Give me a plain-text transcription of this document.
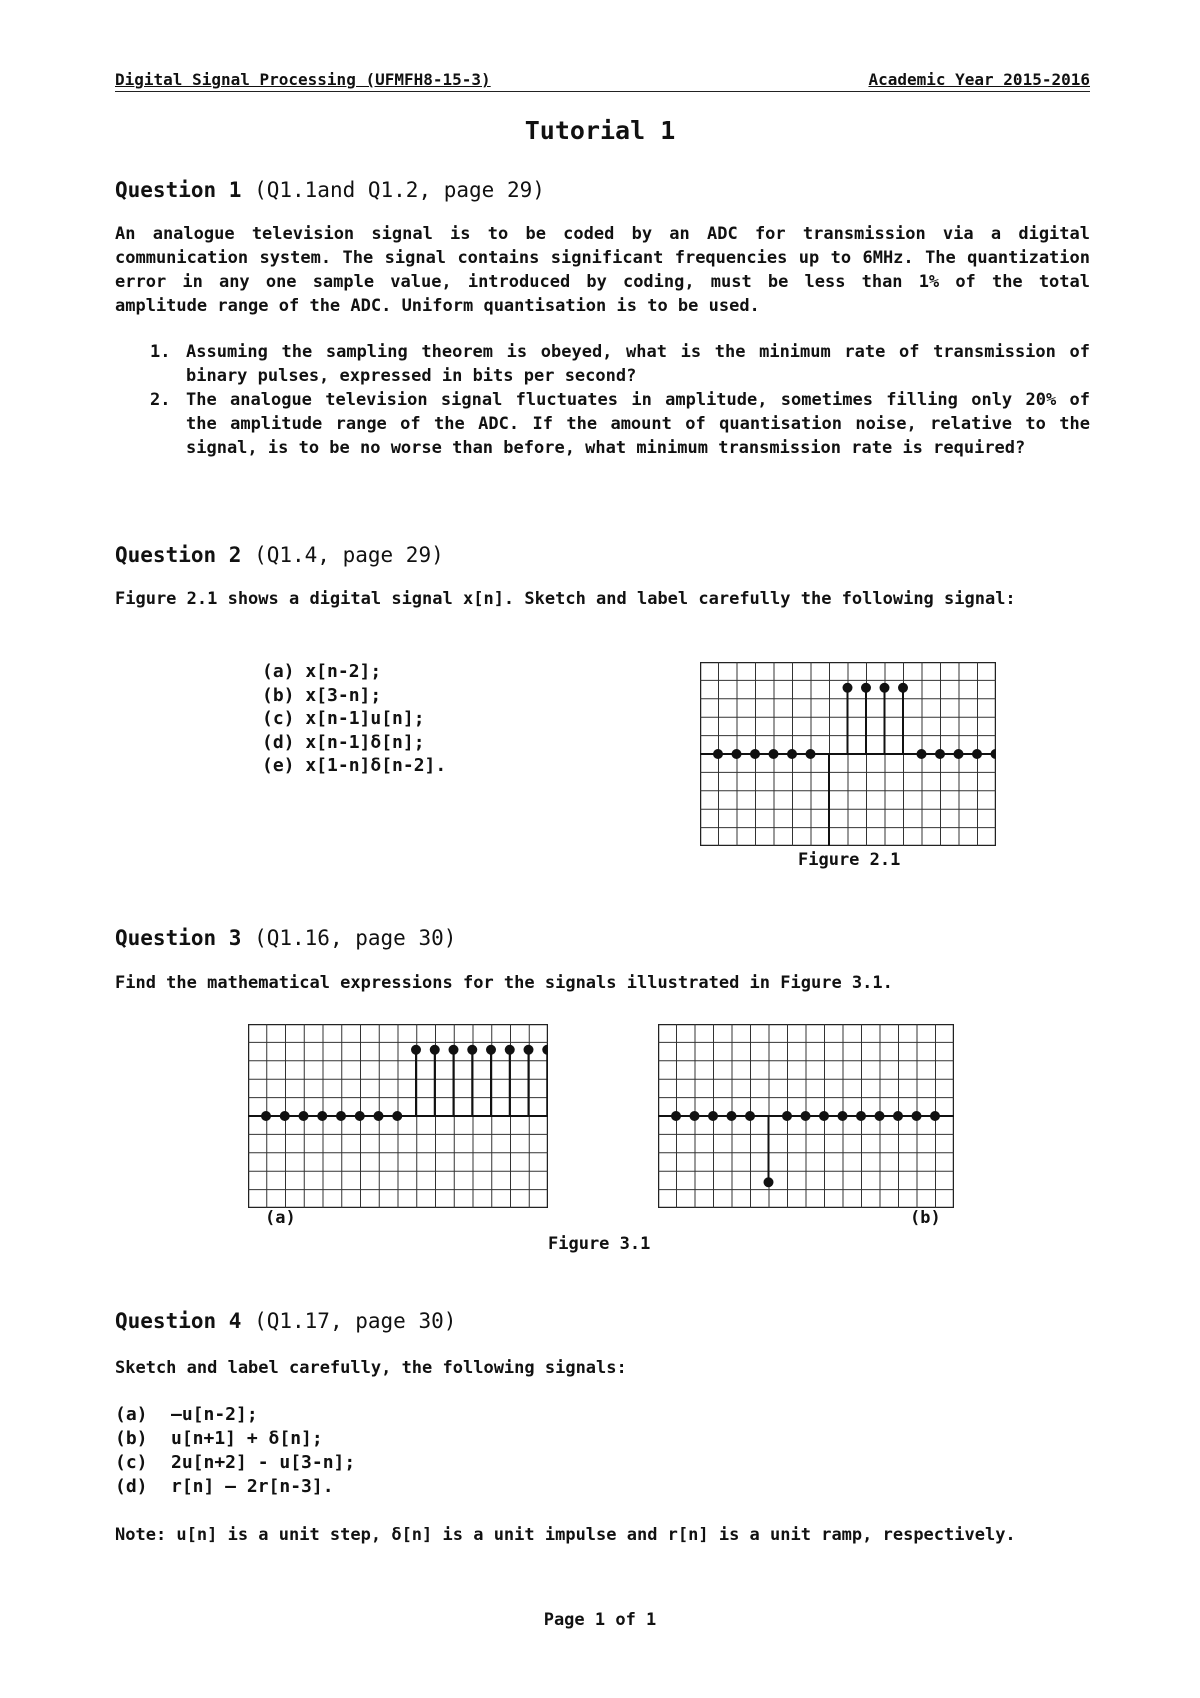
Digital Signal Processing (UFMFH8-15-3)	Academic Year 2015-2016
Tutorial 1
Question 1 (Q1.1and Q1.2, page 29)
An analogue television signal is to be coded by an ADC for transmission via a digital communication system. The signal contains significant frequencies up to 6MHz. The quantization error in any one sample value, introduced by coding, must be less than 1% of the total amplitude range of the ADC. Uniform quantisation is to be used.
1. Assuming the sampling theorem is obeyed, what is the minimum rate of transmission of binary pulses, expressed in bits per second?
2. The analogue television signal fluctuates in amplitude, sometimes filling only 20% of the amplitude range of the ADC. If the amount of quantisation noise, relative to the signal, is to be no worse than before, what minimum transmission rate is required?
Question 2 (Q1.4, page 29)
Figure 2.1 shows a digital signal x[n]. Sketch and label carefully the following signal:
(a) x[n-2];
(b) x[3-n];
(c) x[n-1]u[n];
(d) x[n-1]δ[n];
(e) x[1-n]δ[n-2].
Figure 2.1
Question 3 (Q1.16, page 30)
Find the mathematical expressions for the signals illustrated in Figure 3.1.
(a)	(b)
Figure 3.1
Question 4 (Q1.17, page 30)
Sketch and label carefully, the following signals:
(a) –u[n-2];
(b) u[n+1] + δ[n];
(c) 2u[n+2] - u[3-n];
(d) r[n] – 2r[n-3].
Note: u[n] is a unit step, δ[n] is a unit impulse and r[n] is a unit ramp, respectively.
Page 1 of 1
